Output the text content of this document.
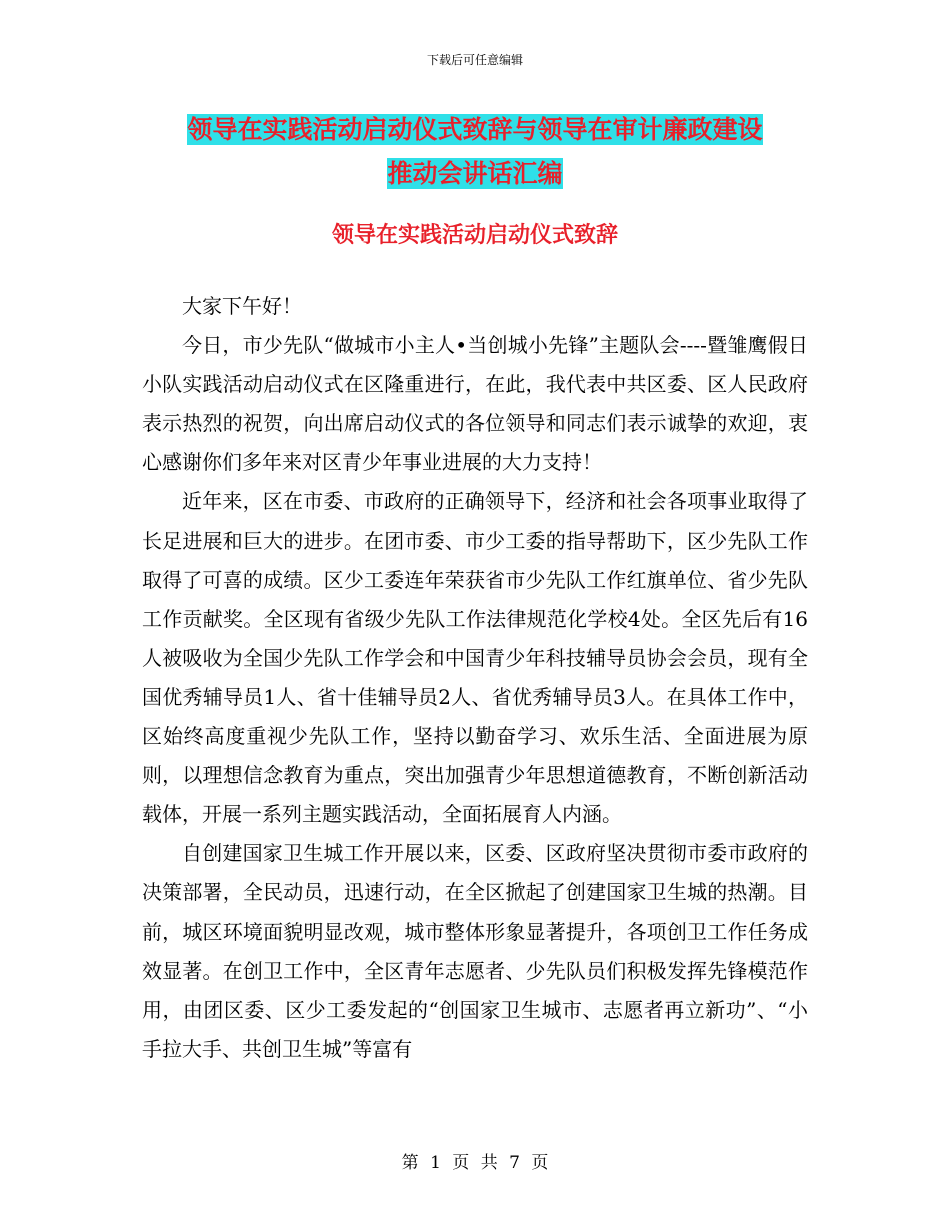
下载后可任意编辑
领导在实践活动启动仪式致辞与领导在审计廉政建设
推动会讲话汇编
领导在实践活动启动仪式致辞

大家下午好！

今日，市少先队“做城市小主人•当创城小先锋”主题队会----暨雏鹰假日小队实践活动启动仪式在区隆重进行，在此，我代表中共区委、区人民政府表示热烈的祝贺，向出席启动仪式的各位领导和同志们表示诚挚的欢迎，衷心感谢你们多年来对区青少年事业进展的大力支持！

近年来，区在市委、市政府的正确领导下，经济和社会各项事业取得了长足进展和巨大的进步。在团市委、市少工委的指导帮助下，区少先队工作取得了可喜的成绩。区少工委连年荣获省市少先队工作红旗单位、省少先队工作贡献奖。全区现有省级少先队工作法律规范化学校4处。全区先后有16人被吸收为全国少先队工作学会和中国青少年科技辅导员协会会员，现有全国优秀辅导员1人、省十佳辅导员2人、省优秀辅导员3人。在具体工作中，区始终高度重视少先队工作，坚持以勤奋学习、欢乐生活、全面进展为原则，以理想信念教育为重点，突出加强青少年思想道德教育，不断创新活动载体，开展一系列主题实践活动，全面拓展育人内涵。

自创建国家卫生城工作开展以来，区委、区政府坚决贯彻市委市政府的决策部署，全民动员，迅速行动，在全区掀起了创建国家卫生城的热潮。目前，城区环境面貌明显改观，城市整体形象显著提升，各项创卫工作任务成效显著。在创卫工作中，全区青年志愿者、少先队员们积极发挥先锋模范作用，由团区委、区少工委发起的“创国家卫生城市、志愿者再立新功”、“小手拉大手、共创卫生城”等富有

第 1 页 共 7 页
